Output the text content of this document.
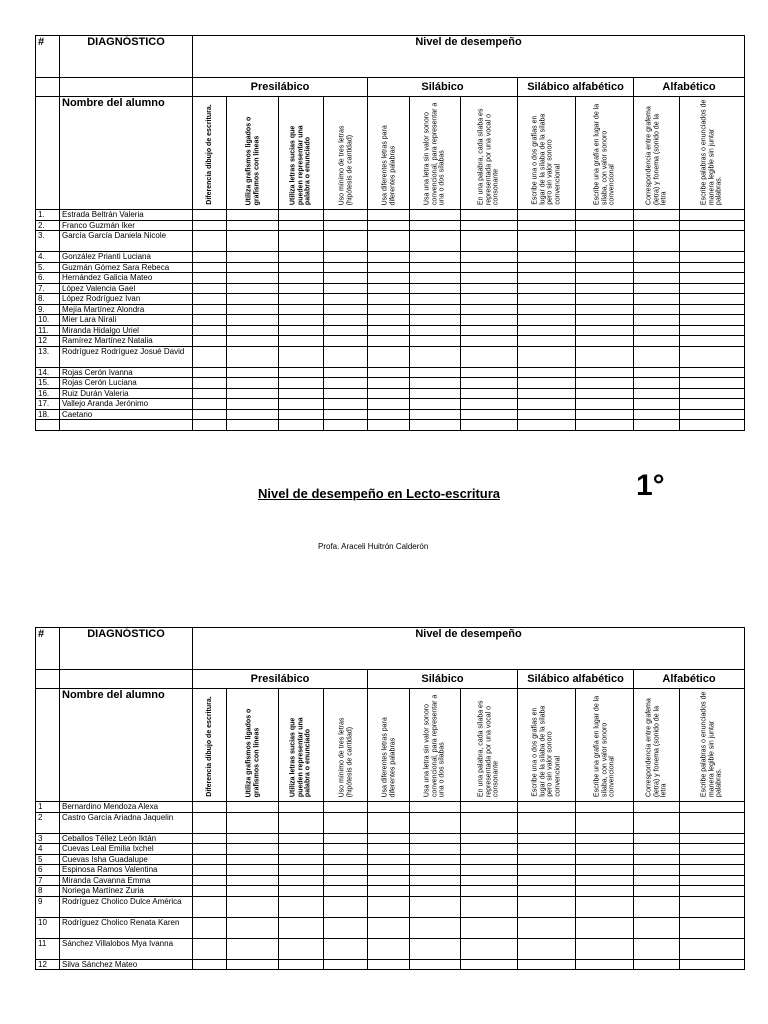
#	DIAGNÓSTICO	Nivel de desempeño										

		Presilábico				Silábico			Silábico alfabético		Alfabético	
	Nombre del alumno	Diferencia dibujo de escritura.	Utiliza grafismos ligados o grafismos con líneas	Utiliza letras sucias que pueden representar una palabra o enunciado	Uso mínimo de tres letras (hipótesis de cantidad)	Usa diferentes letras para diferentes palabras	Usa una letra sin valor sonoro convencional, para representar a una o dos sílabas	En una palabra, cada sílaba es representada por una vocal o consonante	Escribe una o dos grafías en lugar de la sílaba de la sílaba pero sin valor sonoro convencional	Escribe una grafía en lugar de la sílaba, con valor sonoro convencional	Correspondencia entre grafema (letra) y fonema (sonido de la letra	Escribe palabras o enunciados de manera legible sin juntar palabras.

1.	Estrada Beltrán Valeria											
2.	Franco Guzmán Iker											
3.	García García Daniela Nicole											
4.	González Prianti Luciana											
5.	Guzmán Gómez Sara Rebeca											
6.	Hernández Galicia Mateo											
7.	López Valencia Gael											
8.	López Rodríguez Ivan											
9.	Mejía Martínez Alondra											
10.	Mier Lara Nirali											
11.	Miranda Hidalgo Uriel											
12	Ramírez Martínez Natalia											
13.	Rodríguez Rodríguez Josué David											
14.	Rojas Cerón Ivanna											
15.	Rojas Cerón Luciana											
16.	Ruiz Durán Valeria											
17.	Vallejo Aranda Jerónimo											
18.	Caetano											

Nivel de desempeño en Lecto-escritura	1°
Profa. Araceli Huitrón Calderón
#	DIAGNÓSTICO	Nivel de desempeño										
		Presilábico				Silábico			Silábico alfabético		Alfabético	
	Nombre del alumno	Diferencia dibujo de escritura.	Utiliza grafismos ligados o grafismos con líneas	Utiliza letras sucias que pueden representar una palabra o enunciado	Uso mínimo de tres letras (hipótesis de cantidad)	Usa diferentes letras para diferentes palabras	Usa una letra sin valor sonoro convencional, para representar a una o dos sílabas	En una palabra, cada sílaba es representada por una vocal o consonante	Escribe una o dos grafías en lugar de la sílaba de la sílaba pero sin valor sonoro convencional	Escribe una grafía en lugar de la sílaba, con valor sonoro convencional	Correspondencia entre grafema (letra) y fonema (sonido de la letra	Escribe palabras o enunciados de manera legible sin juntar palabras.

1	Bernardino Mendoza Alexa											
2	Castro García Ariadna Jaquelin											
3	Ceballos Téllez León Iktán											
4	Cuevas Leal Emilia Ixchel											
5	Cuevas Isha Guadalupe											
6	Espinosa Ramos Valentina											
7	Miranda Cavanna Emma											
8	Noriega Martínez Zuria											
9	Rodríguez Cholico Dulce América											
10	Rodríguez Cholico Renata Karen											
11	Sánchez Villalobos Mya Ivanna											
12	Silva Sánchez Mateo											
